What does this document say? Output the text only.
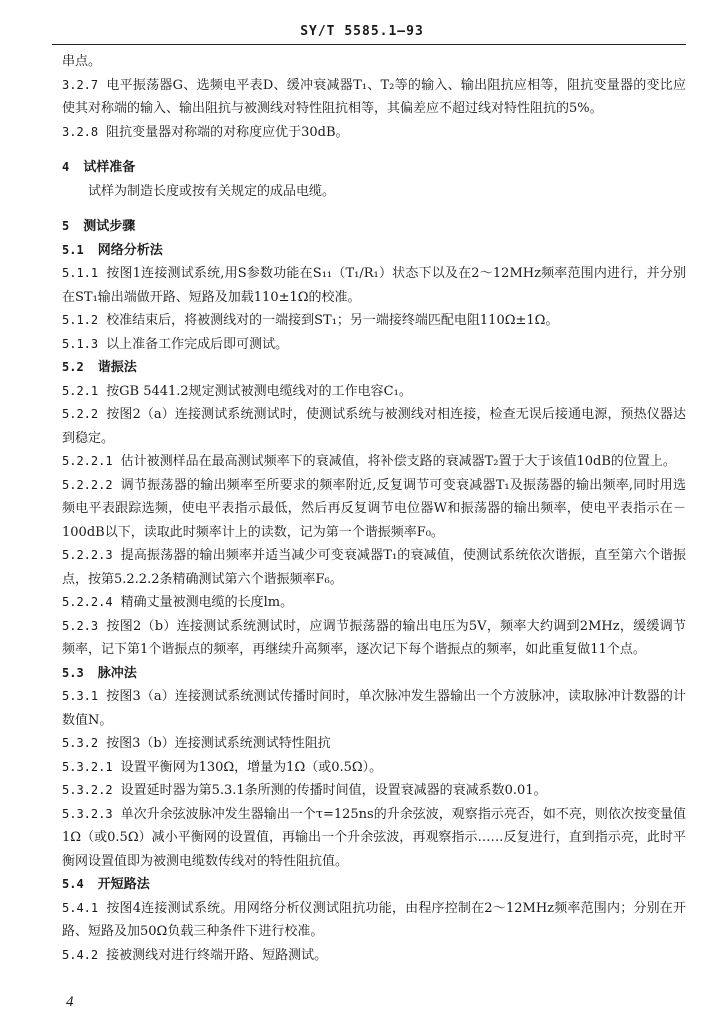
SY/T 5585.1—93

串点。

3.2.7 电平振荡器G、选频电平表D、缓冲衰减器T₁、T₂等的输入、输出阻抗应相等，阻抗变量器的变比应使其对称端的输入、输出阻抗与被测线对特性阻抗相等，其偏差应不超过线对特性阻抗的5%。

3.2.8 阻抗变量器对称端的对称度应优于30dB。

4 试样准备

试样为制造长度或按有关规定的成品电缆。

5 测试步骤

5.1 网络分析法

5.1.1 按图1连接测试系统,用S参数功能在S₁₁（T₁/R₁）状态下以及在2～12MHz频率范围内进行，并分别在ST₁输出端做开路、短路及加载110±1Ω的校准。

5.1.2 校准结束后，将被测线对的一端接到ST₁；另一端接终端匹配电阻110Ω±1Ω。

5.1.3 以上准备工作完成后即可测试。

5.2 谐振法

5.2.1 按GB 5441.2规定测试被测电缆线对的工作电容C₁。

5.2.2 按图2（a）连接测试系统测试时，使测试系统与被测线对相连接，检查无误后接通电源，预热仪器达到稳定。

5.2.2.1 估计被测样品在最高测试频率下的衰减值，将补偿支路的衰减器T₂置于大于该值10dB的位置上。

5.2.2.2 调节振荡器的输出频率至所要求的频率附近,反复调节可变衰减器T₁及振荡器的输出频率,同时用选频电平表跟踪选频，使电平表指示最低，然后再反复调节电位器W和振荡器的输出频率，使电平表指示在－100dB以下，读取此时频率计上的读数，记为第一个谐振频率F₀。

5.2.2.3 提高振荡器的输出频率并适当减少可变衰减器T₁的衰减值，使测试系统依次谐振，直至第六个谐振点，按第5.2.2.2条精确测试第六个谐振频率F₆。

5.2.2.4 精确丈量被测电缆的长度lm。

5.2.3 按图2（b）连接测试系统测试时，应调节振荡器的输出电压为5V，频率大约调到2MHz，缓缓调节频率，记下第1个谐振点的频率，再继续升高频率，逐次记下每个谐振点的频率，如此重复做11个点。

5.3 脉冲法

5.3.1 按图3（a）连接测试系统测试传播时间时，单次脉冲发生器输出一个方波脉冲，读取脉冲计数器的计数值N。

5.3.2 按图3（b）连接测试系统测试特性阻抗

5.3.2.1 设置平衡网为130Ω，增量为1Ω（或0.5Ω）。

5.3.2.2 设置延时器为第5.3.1条所测的传播时间值，设置衰减器的衰减系数0.01。

5.3.2.3 单次升余弦波脉冲发生器输出一个τ=125ns的升余弦波，观察指示亮否，如不亮，则依次按变量值1Ω（或0.5Ω）减小平衡网的设置值，再输出一个升余弦波，再观察指示……反复进行，直到指示亮，此时平衡网设置值即为被测电缆数传线对的特性阻抗值。

5.4 开短路法

5.4.1 按图4连接测试系统。用网络分析仪测试阻抗功能，由程序控制在2～12MHz频率范围内；分别在开路、短路及加50Ω负载三种条件下进行校准。

5.4.2 接被测线对进行终端开路、短路测试。

4
